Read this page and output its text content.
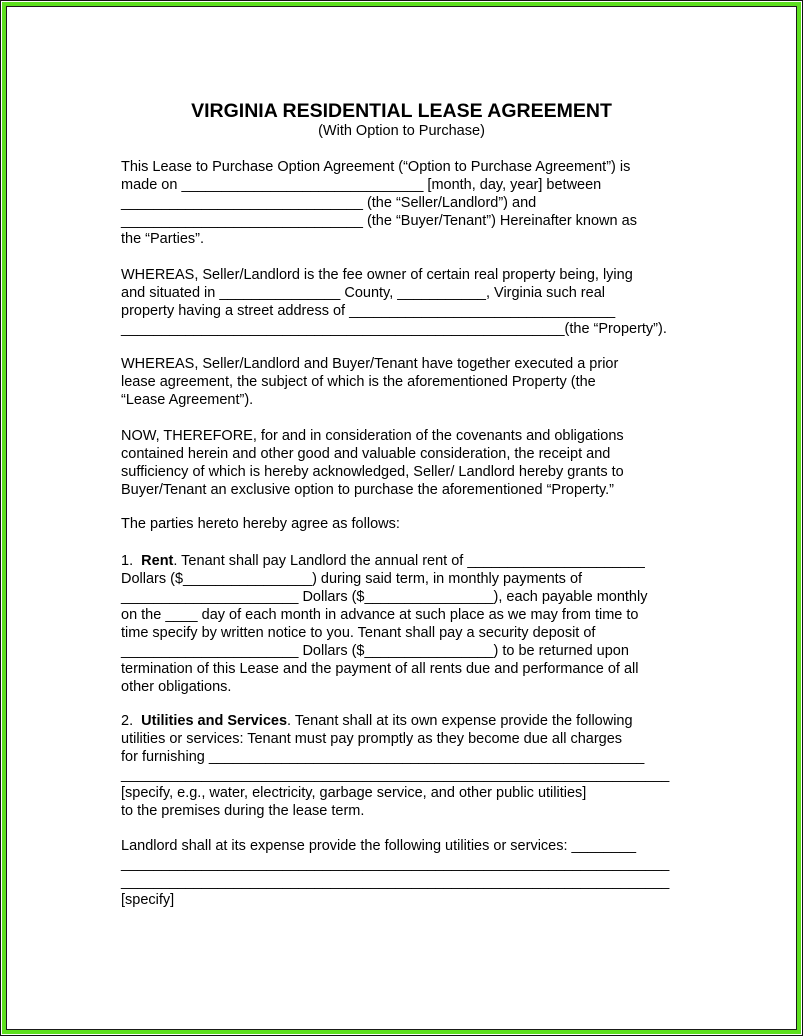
VIRGINIA RESIDENTIAL LEASE AGREEMENT
(With Option to Purchase)
This Lease to Purchase Option Agreement (“Option to Purchase Agreement”) is
made on ______________________________ [month, day, year] between
______________________________ (the “Seller/Landlord”) and
______________________________ (the “Buyer/Tenant”) Hereinafter known as
the “Parties”.
WHEREAS, Seller/Landlord is the fee owner of certain real property being, lying
and situated in _______________ County, ___________, Virginia such real
property having a street address of _________________________________
_______________________________________________________(the “Property”).
WHEREAS, Seller/Landlord and Buyer/Tenant have together executed a prior
lease agreement, the subject of which is the aforementioned Property (the
“Lease Agreement”).
NOW, THEREFORE, for and in consideration of the covenants and obligations
contained herein and other good and valuable consideration, the receipt and
sufficiency of which is hereby acknowledged, Seller/ Landlord hereby grants to
Buyer/Tenant an exclusive option to purchase the aforementioned “Property.”
The parties hereto hereby agree as follows:
1.  Rent. Tenant shall pay Landlord the annual rent of ______________________
Dollars ($________________) during said term, in monthly payments of
______________________ Dollars ($________________), each payable monthly
on the ____ day of each month in advance at such place as we may from time to
time specify by written notice to you. Tenant shall pay a security deposit of
______________________ Dollars ($________________) to be returned upon
termination of this Lease and the payment of all rents due and performance of all
other obligations.
2.  Utilities and Services. Tenant shall at its own expense provide the following
utilities or services: Tenant must pay promptly as they become due all charges
for furnishing ______________________________________________________
____________________________________________________________________
[specify, e.g., water, electricity, garbage service, and other public utilities]
to the premises during the lease term.
Landlord shall at its expense provide the following utilities or services: ________
____________________________________________________________________
____________________________________________________________________
[specify]
